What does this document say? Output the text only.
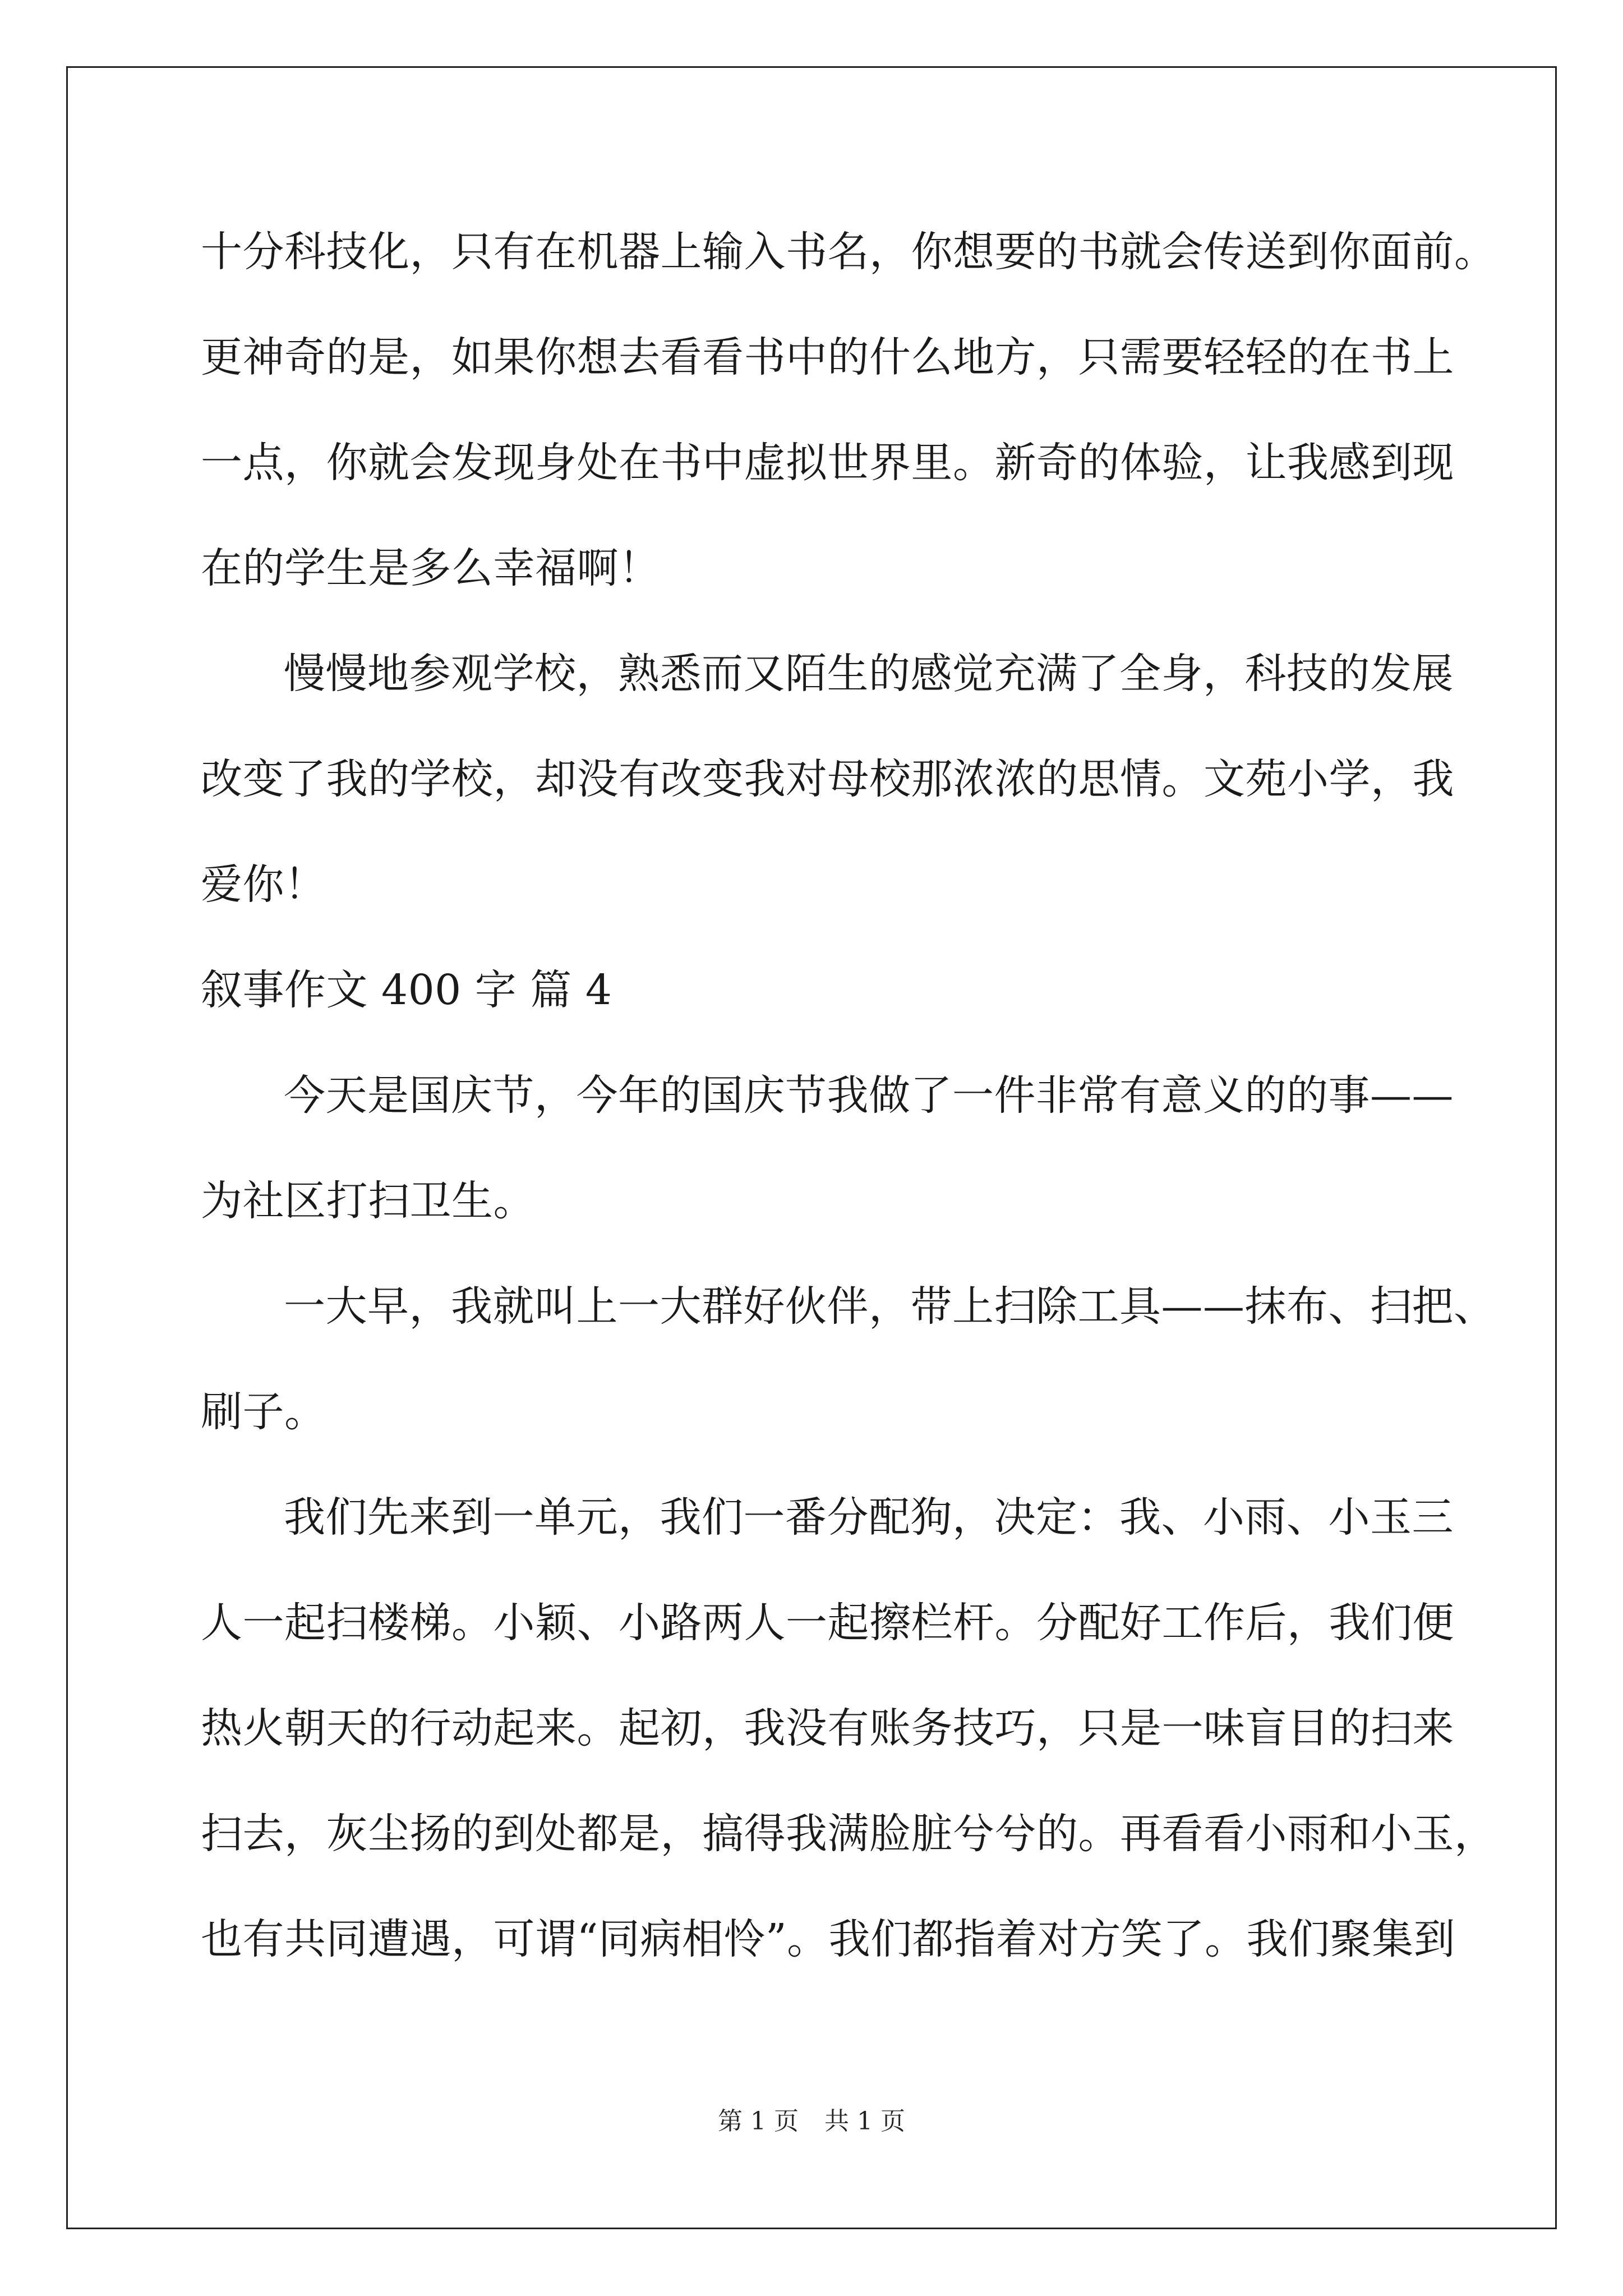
十分科技化，只有在机器上输入书名，你想要的书就会传送到你面前。
更神奇的是，如果你想去看看书中的什么地方，只需要轻轻的在书上
一点，你就会发现身处在书中虚拟世界里。新奇的体验，让我感到现
在的学生是多么幸福啊！
慢慢地参观学校，熟悉而又陌生的感觉充满了全身，科技的发展
改变了我的学校，却没有改变我对母校那浓浓的思情。文苑小学，我
爱你！
叙事作文 400 字 篇 4
今天是国庆节，今年的国庆节我做了一件非常有意义的的事——
为社区打扫卫生。
一大早，我就叫上一大群好伙伴，带上扫除工具——抹布、扫把、
刷子。
我们先来到一单元，我们一番分配狗，决定：我、小雨、小玉三
人一起扫楼梯。小颖、小路两人一起擦栏杆。分配好工作后，我们便
热火朝天的行动起来。起初，我没有账务技巧，只是一味盲目的扫来
扫去，灰尘扬的到处都是，搞得我满脸脏兮兮的。再看看小雨和小玉，
也有共同遭遇，可谓“同病相怜”。我们都指着对方笑了。我们聚集到
第 1 页 共 1 页
